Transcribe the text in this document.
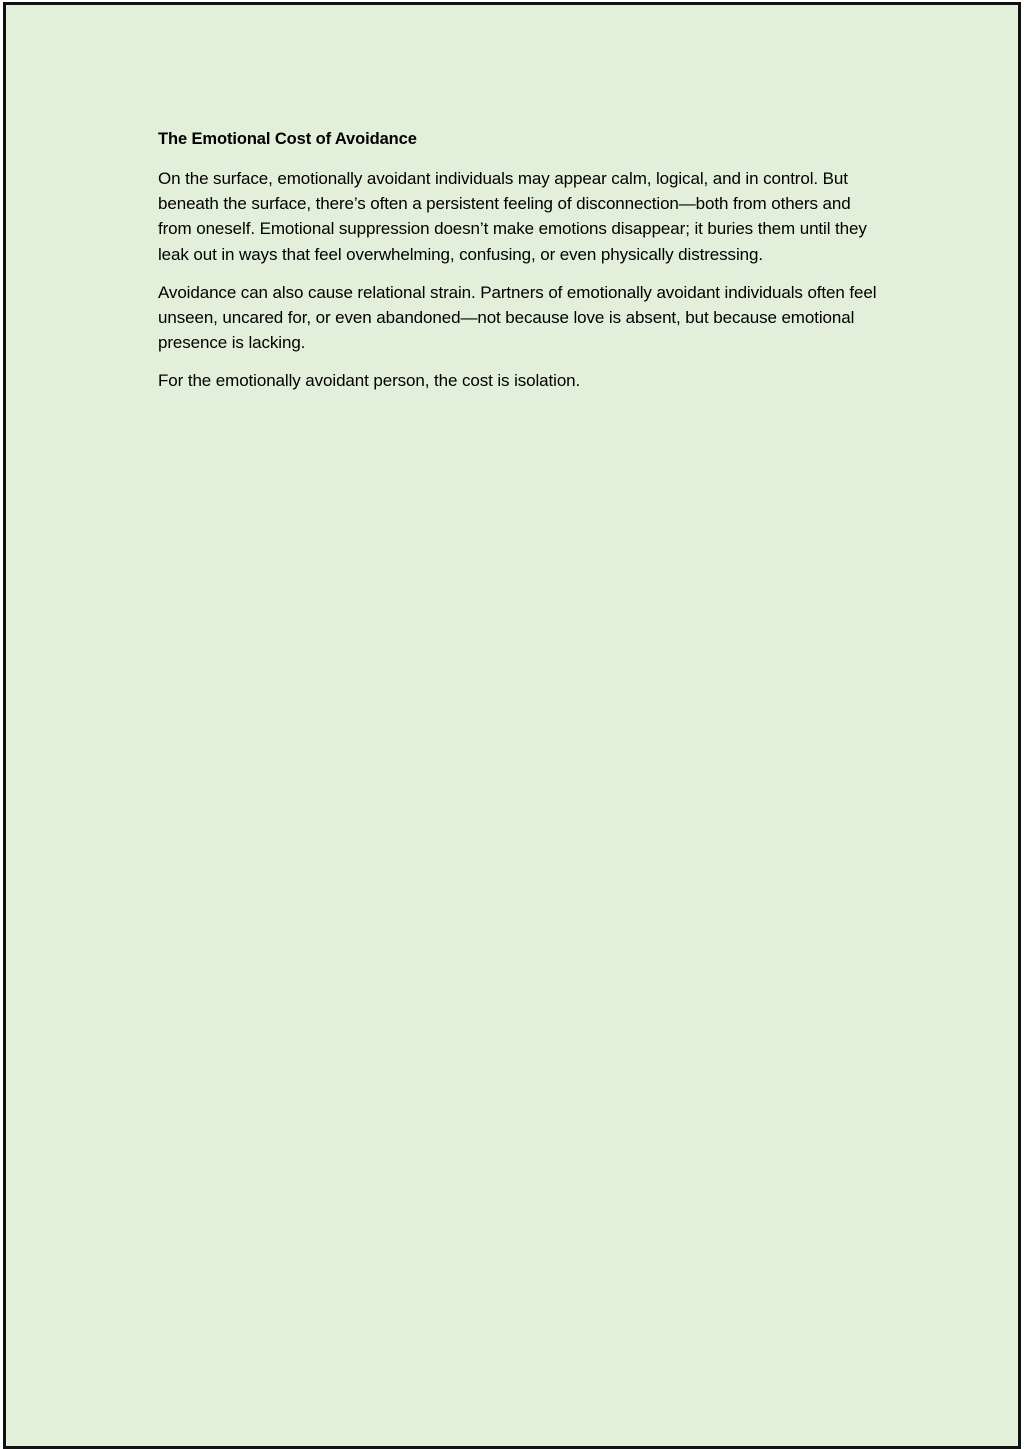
The Emotional Cost of Avoidance

On the surface, emotionally avoidant individuals may appear calm, logical, and in control. But beneath the surface, there’s often a persistent feeling of disconnection—both from others and from oneself. Emotional suppression doesn’t make emotions disappear; it buries them until they leak out in ways that feel overwhelming, confusing, or even physically distressing.

Avoidance can also cause relational strain. Partners of emotionally avoidant individuals often feel unseen, uncared for, or even abandoned—not because love is absent, but because emotional presence is lacking.

For the emotionally avoidant person, the cost is isolation.
